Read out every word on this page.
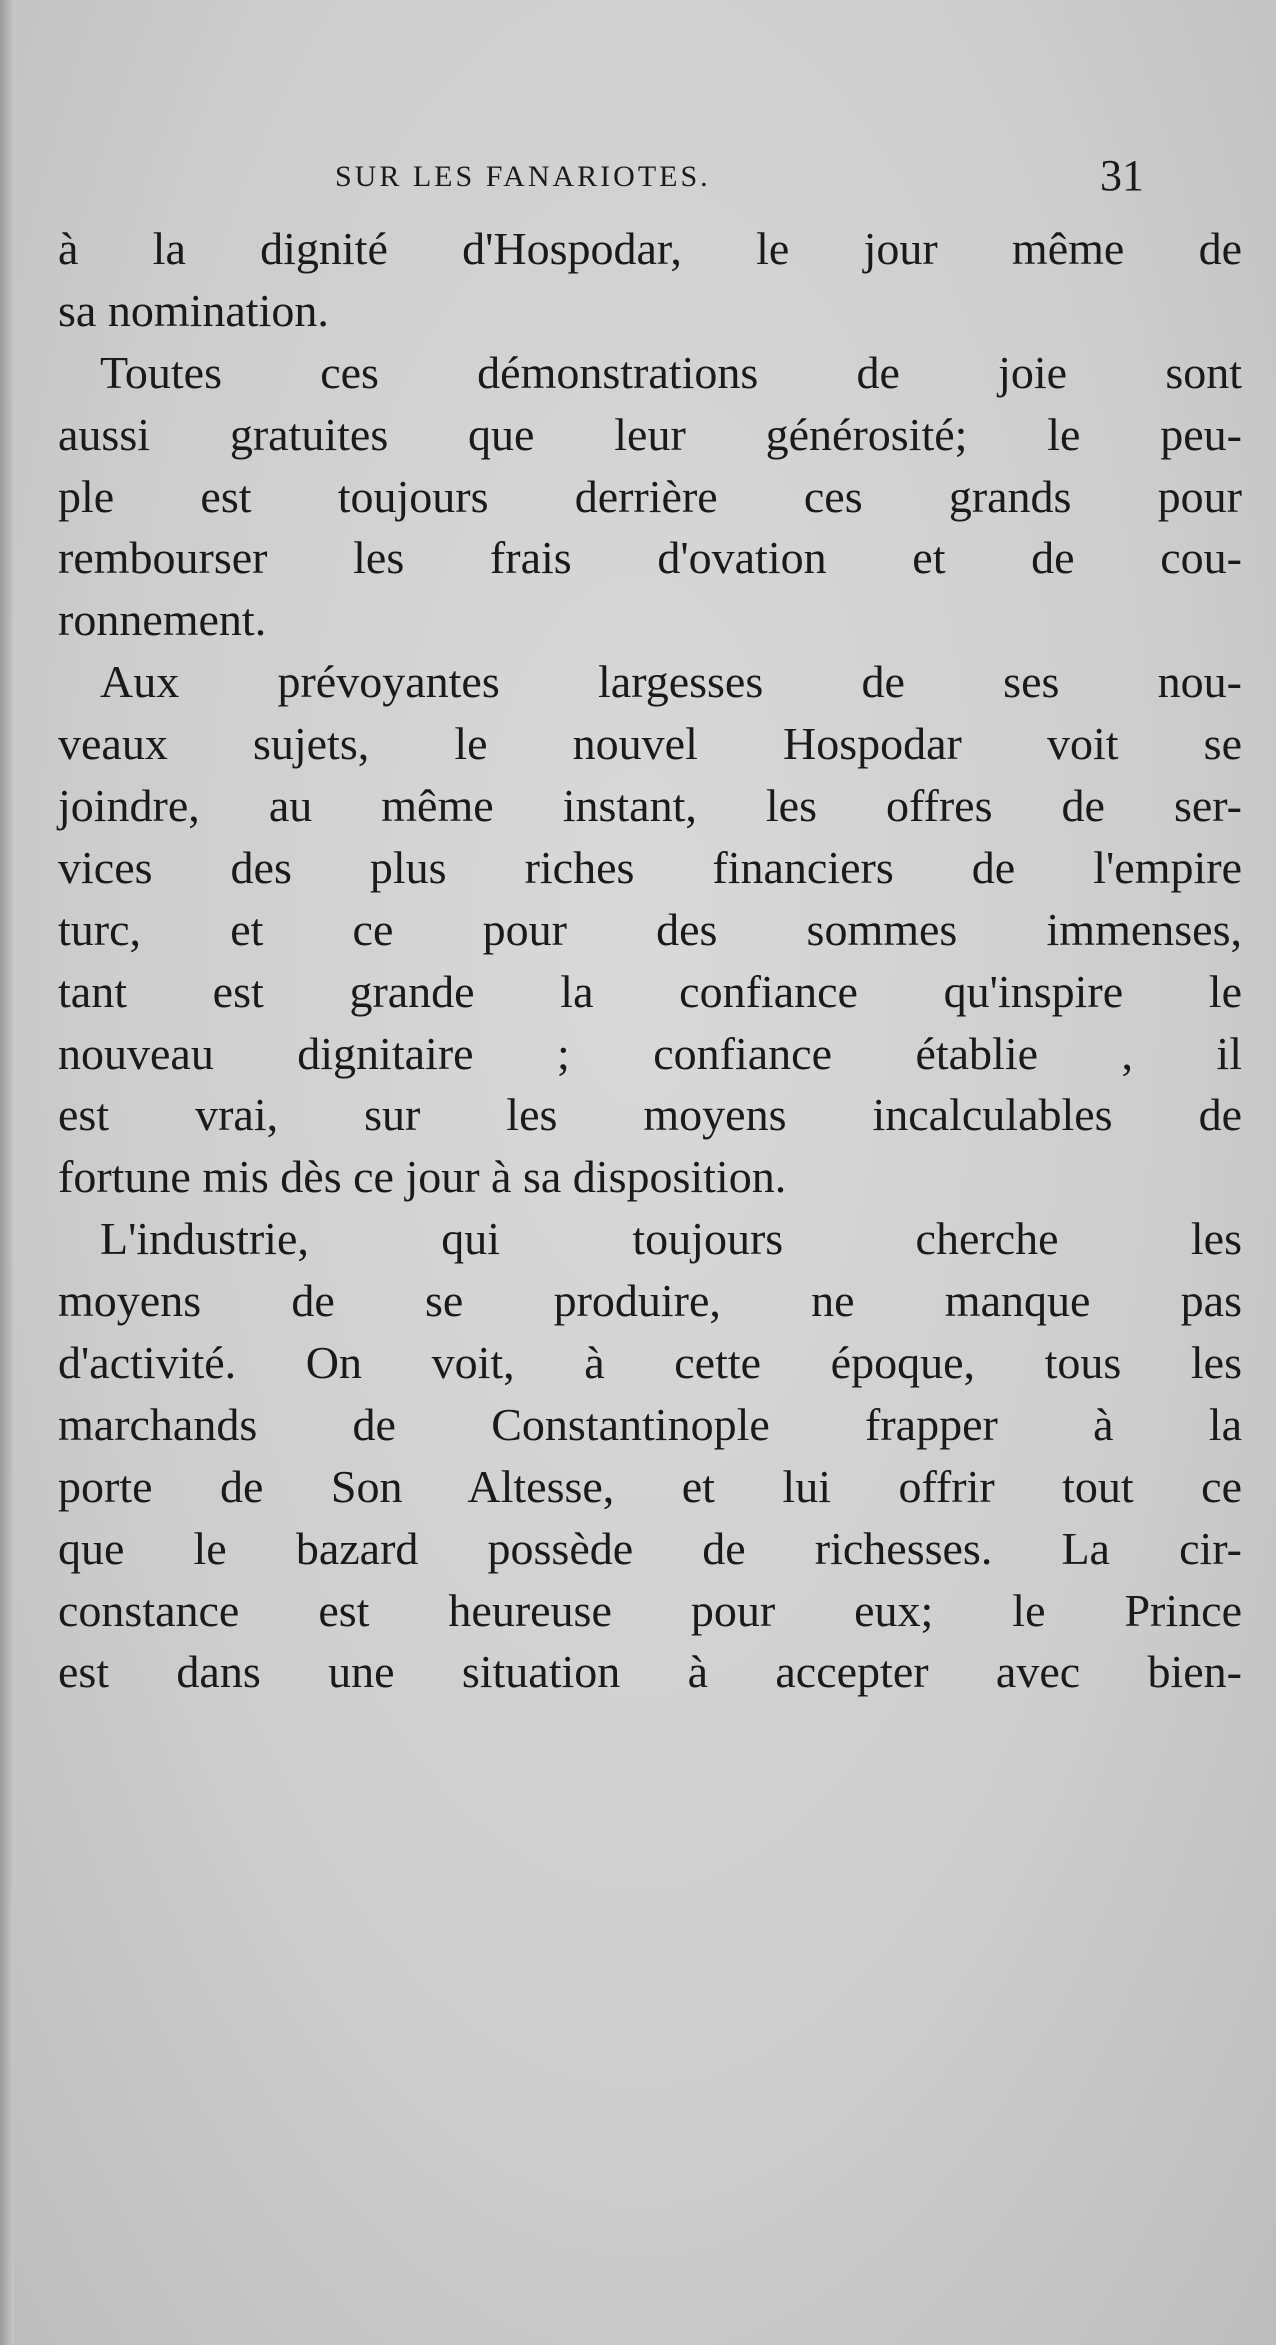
SUR LES FANARIOTES.	31
à la dignité d'Hospodar, le jour même de
sa nomination.
Toutes ces démonstrations de joie sont
aussi gratuites que leur générosité; le peu-
ple est toujours derrière ces grands pour
rembourser les frais d'ovation et de cou-
ronnement.
Aux prévoyantes largesses de ses nou-
veaux sujets, le nouvel Hospodar voit se
joindre, au même instant, les offres de ser-
vices des plus riches financiers de l'empire
turc, et ce pour des sommes immenses,
tant est grande la confiance qu'inspire le
nouveau dignitaire ; confiance établie , il
est vrai, sur les moyens incalculables de
fortune mis dès ce jour à sa disposition.
L'industrie, qui toujours cherche les
moyens de se produire, ne manque pas
d'activité. On voit, à cette époque, tous les
marchands de Constantinople frapper à la
porte de Son Altesse, et lui offrir tout ce
que le bazard possède de richesses. La cir-
constance est heureuse pour eux; le Prince
est dans une situation à accepter avec bien-
